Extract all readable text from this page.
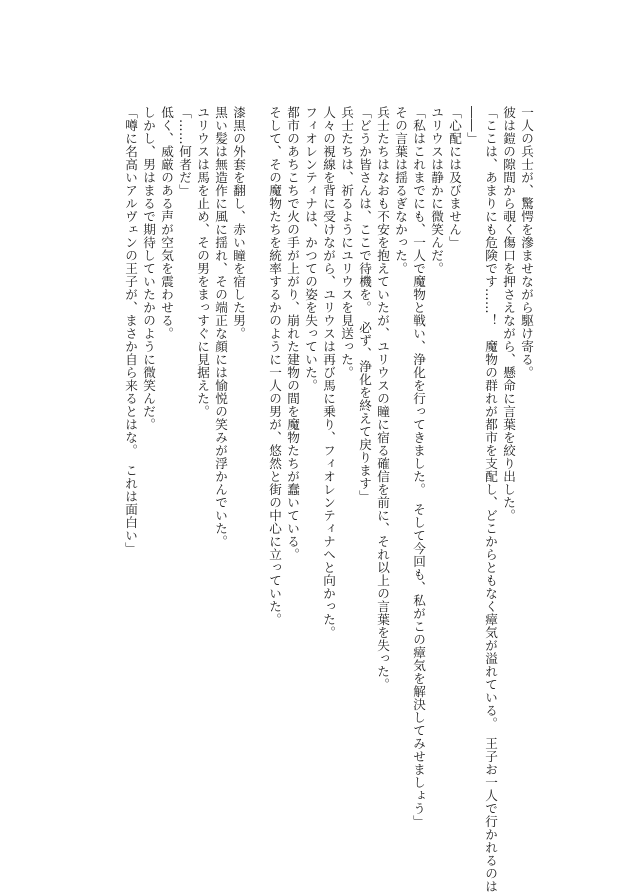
一人の兵士が、驚愕を滲ませながら駆け寄る。
彼は鎧の隙間から覗く傷口を押さえながら、懸命に言葉を絞り出した。
「ここは、あまりにも危険です……！　魔物の群れが都市を支配し、どこからともなく瘴気が溢れている。　王子お一人で行かれるのは
――」
「心配には及びません」
ユリウスは静かに微笑んだ。
「私はこれまでにも、一人で魔物と戦い、浄化を行ってきました。　そして今回も、私がこの瘴気を解決してみせましょう」
その言葉は揺るぎなかった。
兵士たちはなおも不安を抱えていたが、ユリウスの瞳に宿る確信を前に、それ以上の言葉を失った。
「どうか皆さんは、ここで待機を。　必ず、浄化を終えて戻ります」
兵士たちは、祈るようにユリウスを見送った。
人々の視線を背に受けながら、ユリウスは再び馬に乗り、フィオレンティナへと向かった。
フィオレンティナは、かつての姿を失っていた。
都市のあちこちで火の手が上がり、崩れた建物の間を魔物たちが蠢いている。
そして、その魔物たちを統率するかのように一人の男が、悠然と街の中心に立っていた。
漆黒の外套を翻し、赤い瞳を宿した男。
黒い髪は無造作に風に揺れ、その端正な顔には愉悦の笑みが浮かんでいた。
ユリウスは馬を止め、その男をまっすぐに見据えた。
「……何者だ」
低く、威厳のある声が空気を震わせる。
しかし、男はまるで期待していたかのように微笑んだ。
「噂に名高いアルヴェンの王子が、まさか自ら来るとはな。　これは面白い」
